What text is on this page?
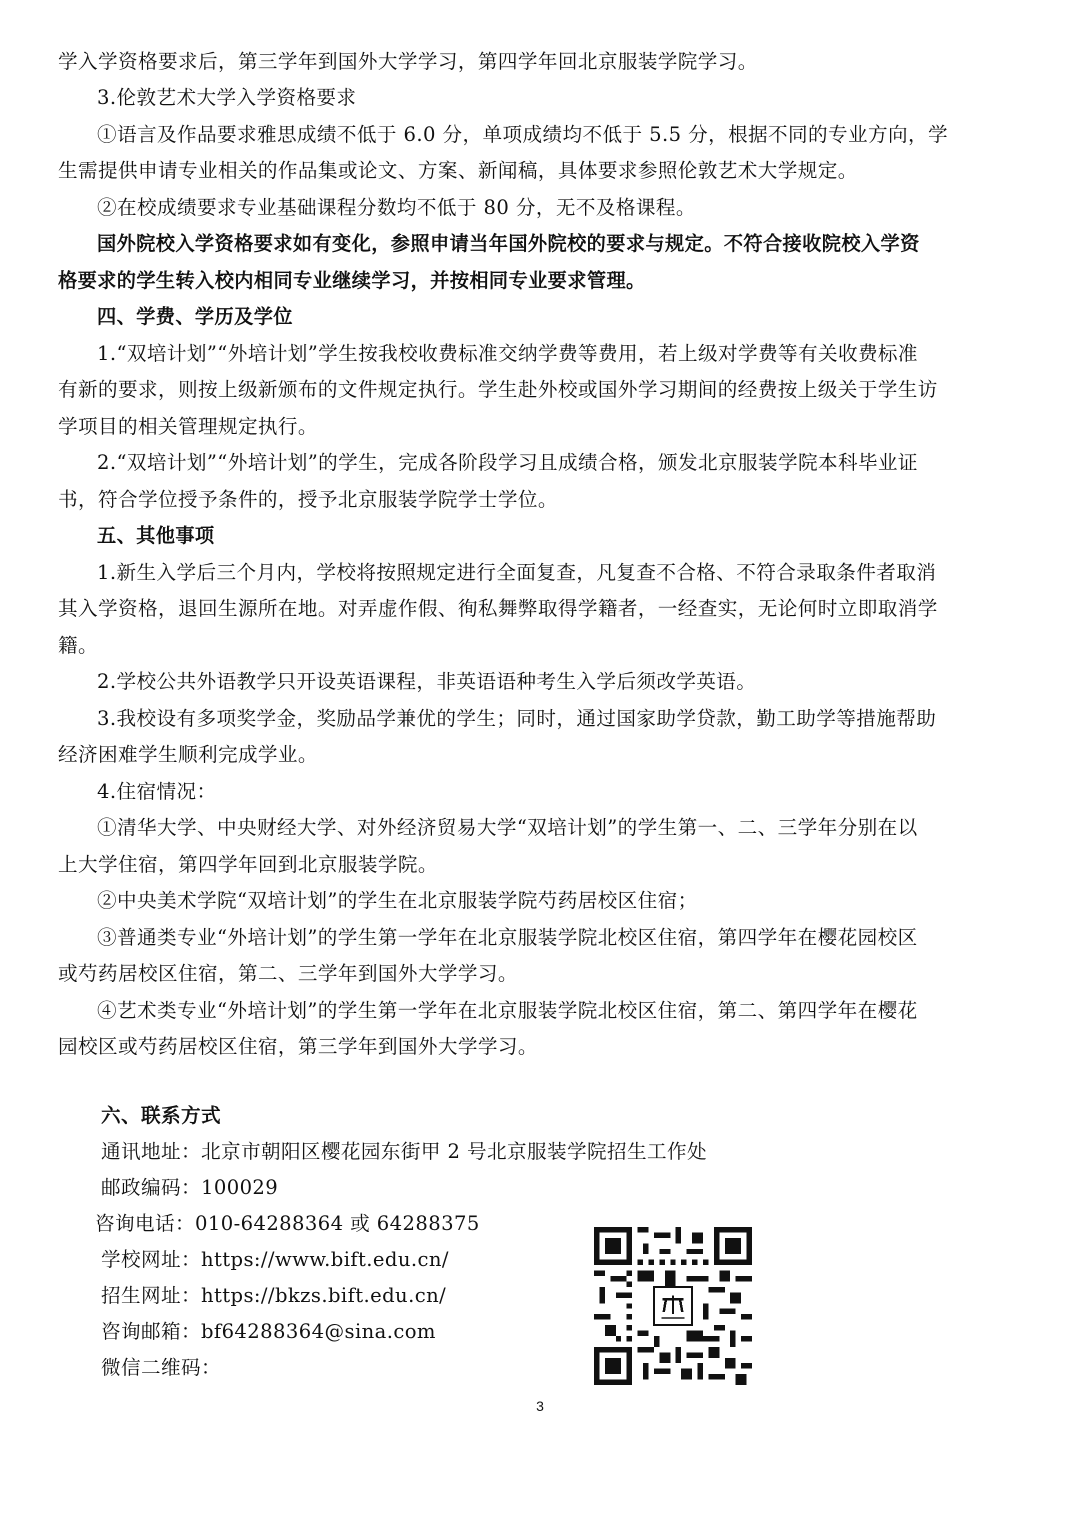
学入学资格要求后，第三学年到国外大学学习，第四学年回北京服装学院学习。
3.伦敦艺术大学入学资格要求
①语言及作品要求雅思成绩不低于 6.0 分，单项成绩均不低于 5.5 分，根据不同的专业方向，学
生需提供申请专业相关的作品集或论文、方案、新闻稿，具体要求参照伦敦艺术大学规定。
②在校成绩要求专业基础课程分数均不低于 80 分，无不及格课程。
国外院校入学资格要求如有变化，参照申请当年国外院校的要求与规定。不符合接收院校入学资
格要求的学生转入校内相同专业继续学习，并按相同专业要求管理。
四、学费、学历及学位
1.“双培计划”“外培计划”学生按我校收费标准交纳学费等费用，若上级对学费等有关收费标准
有新的要求，则按上级新颁布的文件规定执行。学生赴外校或国外学习期间的经费按上级关于学生访
学项目的相关管理规定执行。
2.“双培计划”“外培计划”的学生，完成各阶段学习且成绩合格，颁发北京服装学院本科毕业证
书，符合学位授予条件的，授予北京服装学院学士学位。
五、其他事项
1.新生入学后三个月内，学校将按照规定进行全面复查，凡复查不合格、不符合录取条件者取消
其入学资格，退回生源所在地。对弄虚作假、徇私舞弊取得学籍者，一经查实，无论何时立即取消学
籍。
2.学校公共外语教学只开设英语课程，非英语语种考生入学后须改学英语。
3.我校设有多项奖学金，奖励品学兼优的学生；同时，通过国家助学贷款，勤工助学等措施帮助
经济困难学生顺利完成学业。
4.住宿情况：
①清华大学、中央财经大学、对外经济贸易大学“双培计划”的学生第一、二、三学年分别在以
上大学住宿，第四学年回到北京服装学院。
②中央美术学院“双培计划”的学生在北京服装学院芍药居校区住宿；
③普通类专业“外培计划”的学生第一学年在北京服装学院北校区住宿，第四学年在樱花园校区
或芍药居校区住宿，第二、三学年到国外大学学习。
④艺术类专业“外培计划”的学生第一学年在北京服装学院北校区住宿，第二、第四学年在樱花
园校区或芍药居校区住宿，第三学年到国外大学学习。
六、联系方式
通讯地址：北京市朝阳区樱花园东街甲 2 号北京服装学院招生工作处
邮政编码：100029
咨询电话：010-64288364 或 64288375
学校网址：https://www.bift.edu.cn/
招生网址：https://bkzs.bift.edu.cn/
咨询邮箱：bf64288364@sina.com
微信二维码：
3
